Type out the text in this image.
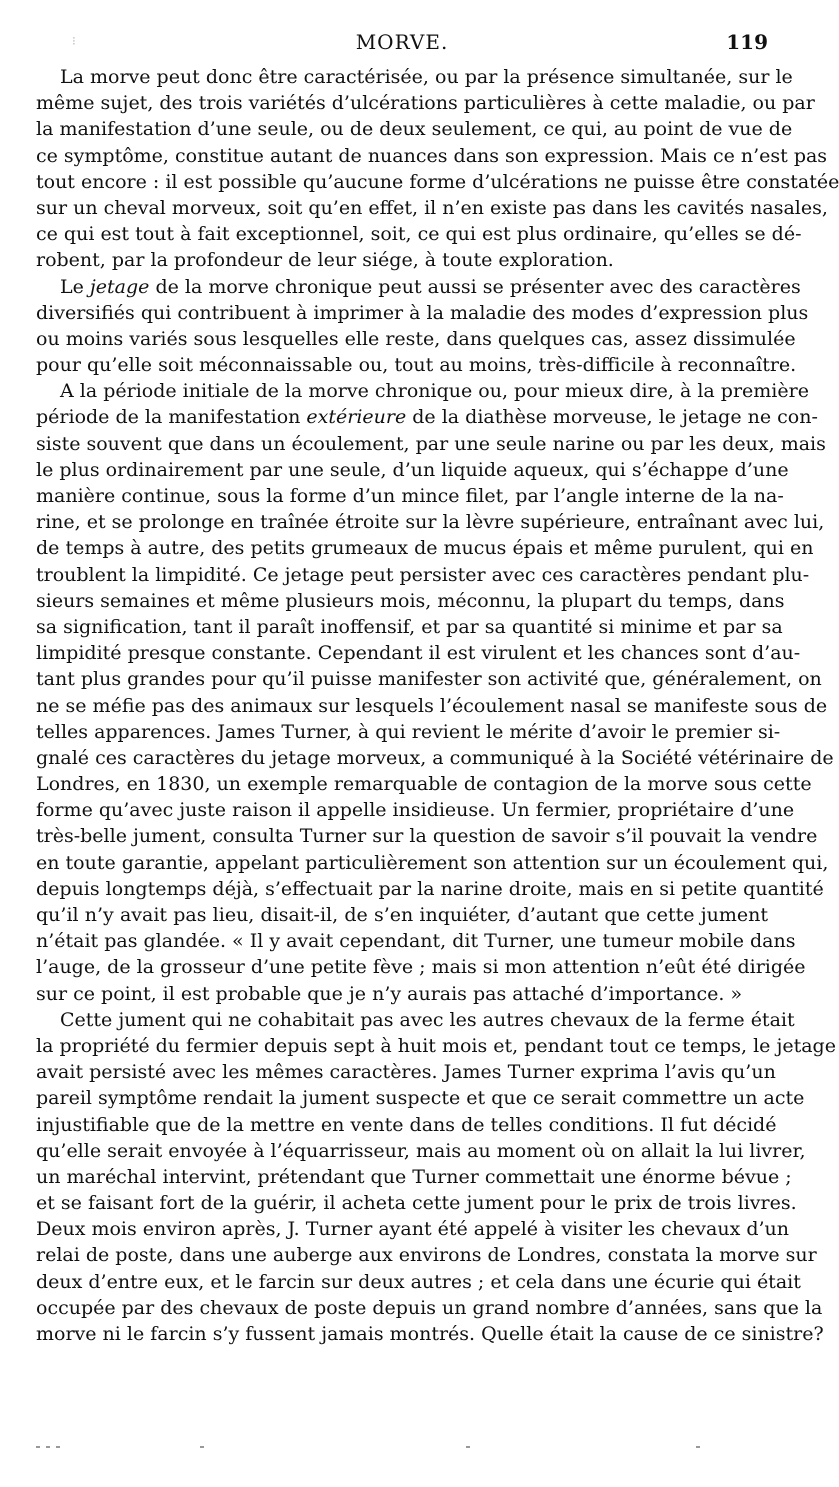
⁝	MORVE.	119
La morve peut donc être caractérisée, ou par la présence simultanée, sur le
même sujet, des trois variétés d’ulcérations particulières à cette maladie, ou par
la manifestation d’une seule, ou de deux seulement, ce qui, au point de vue de
ce symptôme, constitue autant de nuances dans son expression. Mais ce n’est pas
tout encore : il est possible qu’aucune forme d’ulcérations ne puisse être constatée
sur un cheval morveux, soit qu’en effet, il n’en existe pas dans les cavités nasales,
ce qui est tout à fait exceptionnel, soit, ce qui est plus ordinaire, qu’elles se dé-
robent, par la profondeur de leur siége, à toute exploration.
Le jetage de la morve chronique peut aussi se présenter avec des caractères
diversifiés qui contribuent à imprimer à la maladie des modes d’expression plus
ou moins variés sous lesquelles elle reste, dans quelques cas, assez dissimulée
pour qu’elle soit méconnaissable ou, tout au moins, très-difficile à reconnaître.
A la période initiale de la morve chronique ou, pour mieux dire, à la première
période de la manifestation extérieure de la diathèse morveuse, le jetage ne con-
siste souvent que dans un écoulement, par une seule narine ou par les deux, mais
le plus ordinairement par une seule, d’un liquide aqueux, qui s’échappe d’une
manière continue, sous la forme d’un mince filet, par l’angle interne de la na-
rine, et se prolonge en traînée étroite sur la lèvre supérieure, entraînant avec lui,
de temps à autre, des petits grumeaux de mucus épais et même purulent, qui en
troublent la limpidité. Ce jetage peut persister avec ces caractères pendant plu-
sieurs semaines et même plusieurs mois, méconnu, la plupart du temps, dans
sa signification, tant il paraît inoffensif, et par sa quantité si minime et par sa
limpidité presque constante. Cependant il est virulent et les chances sont d’au-
tant plus grandes pour qu’il puisse manifester son activité que, généralement, on
ne se méfie pas des animaux sur lesquels l’écoulement nasal se manifeste sous de
telles apparences. James Turner, à qui revient le mérite d’avoir le premier si-
gnalé ces caractères du jetage morveux, a communiqué à la Société vétérinaire de
Londres, en 1830, un exemple remarquable de contagion de la morve sous cette
forme qu’avec juste raison il appelle insidieuse. Un fermier, propriétaire d’une
très-belle jument, consulta Turner sur la question de savoir s’il pouvait la vendre
en toute garantie, appelant particulièrement son attention sur un écoulement qui,
depuis longtemps déjà, s’effectuait par la narine droite, mais en si petite quantité
qu’il n’y avait pas lieu, disait-il, de s’en inquiéter, d’autant que cette jument
n’était pas glandée. « Il y avait cependant, dit Turner, une tumeur mobile dans
l’auge, de la grosseur d’une petite fève ; mais si mon attention n’eût été dirigée
sur ce point, il est probable que je n’y aurais pas attaché d’importance. »
Cette jument qui ne cohabitait pas avec les autres chevaux de la ferme était
la propriété du fermier depuis sept à huit mois et, pendant tout ce temps, le jetage
avait persisté avec les mêmes caractères. James Turner exprima l’avis qu’un
pareil symptôme rendait la jument suspecte et que ce serait commettre un acte
injustifiable que de la mettre en vente dans de telles conditions. Il fut décidé
qu’elle serait envoyée à l’équarrisseur, mais au moment où on allait la lui livrer,
un maréchal intervint, prétendant que Turner commettait une énorme bévue ;
et se faisant fort de la guérir, il acheta cette jument pour le prix de trois livres.
Deux mois environ après, J. Turner ayant été appelé à visiter les chevaux d’un
relai de poste, dans une auberge aux environs de Londres, constata la morve sur
deux d’entre eux, et le farcin sur deux autres ; et cela dans une écurie qui était
occupée par des chevaux de poste depuis un grand nombre d’années, sans que la
morve ni le farcin s’y fussent jamais montrés. Quelle était la cause de ce sinistre?
